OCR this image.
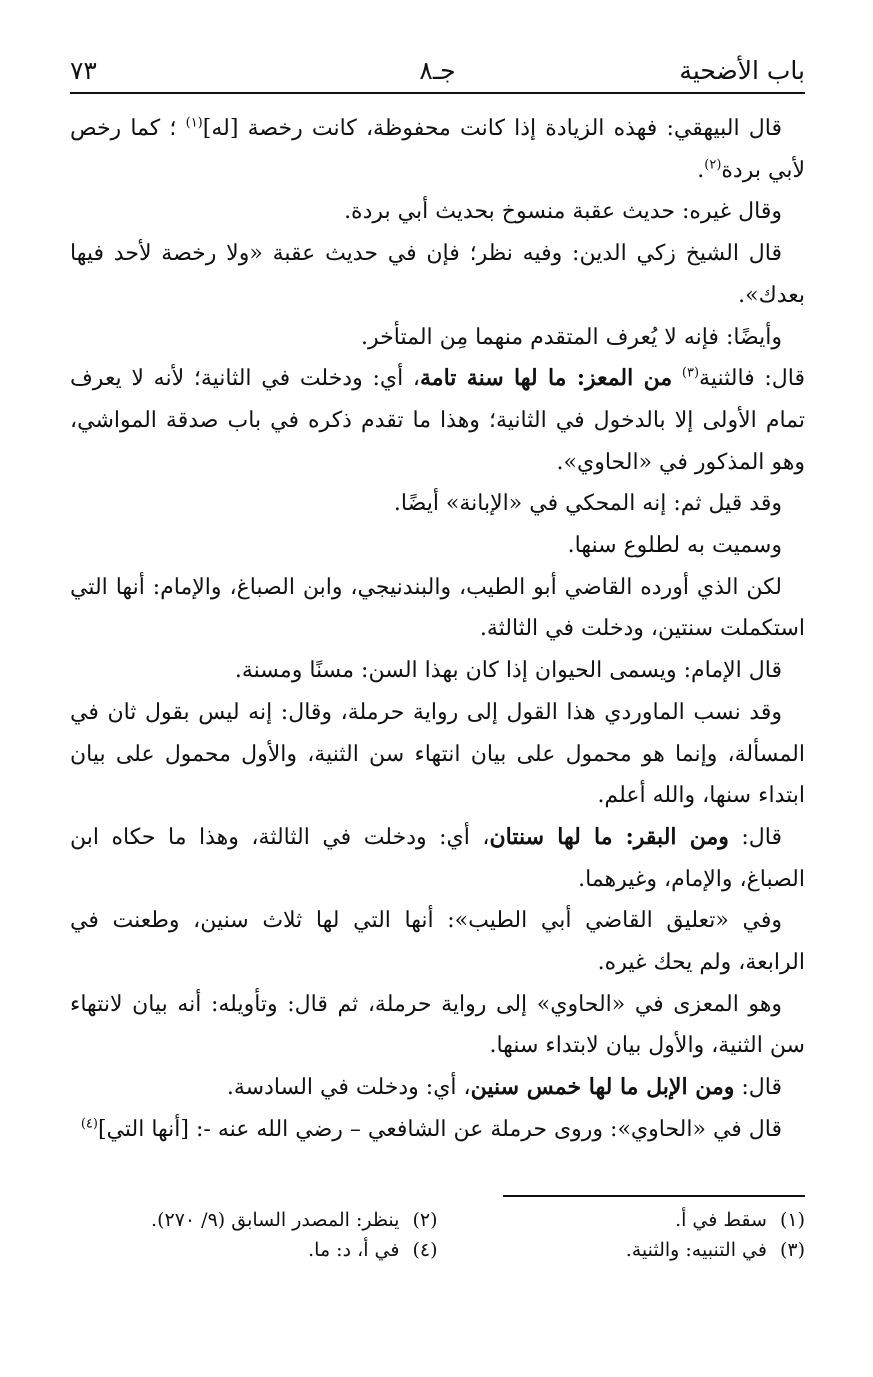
باب الأضحية
جـ٨
٧٣

قال البيهقي: فهذه الزيادة إذا كانت محفوظة، كانت رخصة [له]$^{(١)}$ ؛ كما رخص لأبي بردة$^{(٢)}$.

وقال غيره: حديث عقبة منسوخ بحديث أبي بردة.

قال الشيخ زكي الدين: وفيه نظر؛ فإن في حديث عقبة «ولا رخصة لأحد فيها بعدك».

وأيضًا: فإنه لا يُعرف المتقدم منهما مِن المتأخر.

قال: فالثنية$^{(٣)}$ من المعز: ما لها سنة تامة، أي: ودخلت في الثانية؛ لأنه لا يعرف تمام الأولى إلا بالدخول في الثانية؛ وهذا ما تقدم ذكره في باب صدقة المواشي، وهو المذكور في «الحاوي».

وقد قيل ثم: إنه المحكي في «الإبانة» أيضًا.

وسميت به لطلوع سنها.

لكن الذي أورده القاضي أبو الطيب، والبندنيجي، وابن الصباغ، والإمام: أنها التي استكملت سنتين، ودخلت في الثالثة.

قال الإمام: ويسمى الحيوان إذا كان بهذا السن: مسنًا ومسنة.

وقد نسب الماوردي هذا القول إلى رواية حرملة، وقال: إنه ليس بقول ثان في المسألة، وإنما هو محمول على بيان انتهاء سن الثنية، والأول محمول على بيان ابتداء سنها، والله أعلم.

قال: ومن البقر: ما لها سنتان، أي: ودخلت في الثالثة، وهذا ما حكاه ابن الصباغ، والإمام، وغيرهما.

وفي «تعليق القاضي أبي الطيب»: أنها التي لها ثلاث سنين، وطعنت في الرابعة، ولم يحك غيره.

وهو المعزى في «الحاوي» إلى رواية حرملة، ثم قال: وتأويله: أنه بيان لانتهاء سن الثنية، والأول بيان لابتداء سنها.

قال: ومن الإبل ما لها خمس سنين، أي: ودخلت في السادسة.

قال في «الحاوي»: وروى حرملة عن الشافعي – رضي الله عنه -: [أنها التي]$^{(٤)}$

(١) سقط في أ.
(٢) ينظر: المصدر السابق (٩/ ٢٧٠).
(٣) في التنبيه: والثنية.
(٤) في أ، د: ما.
